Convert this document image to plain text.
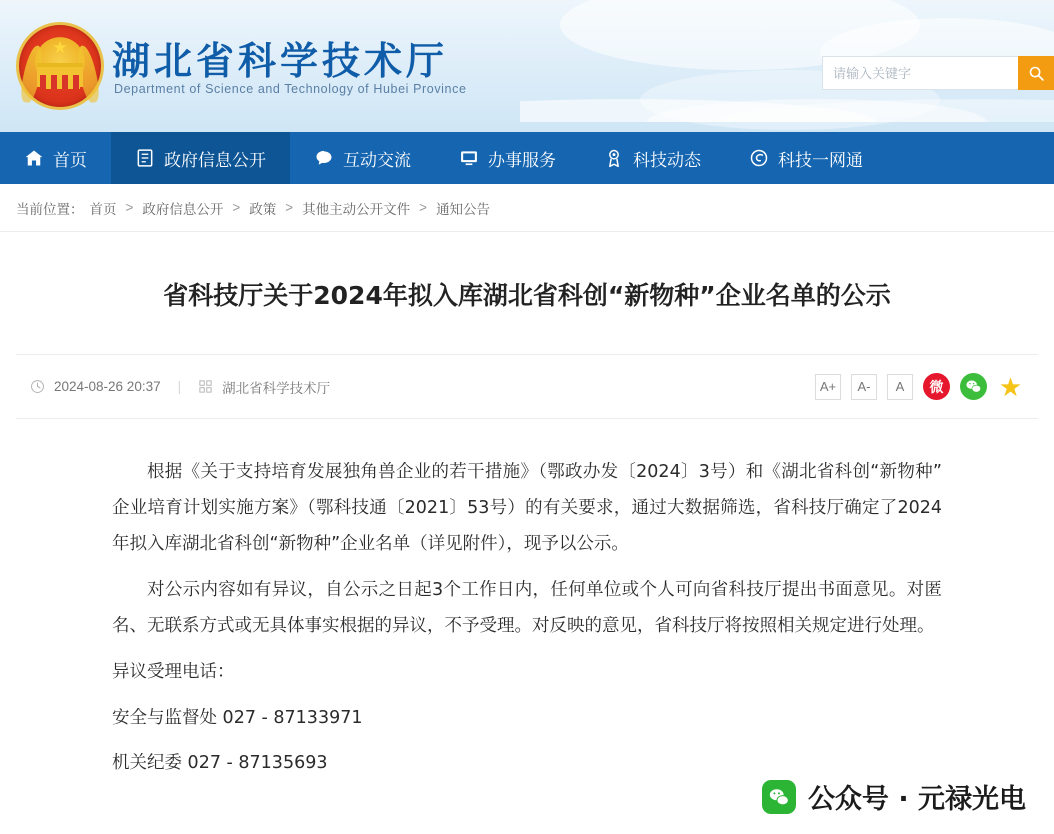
★ 湖北省科学技术厅
Department of Science and Technology of Hubei Province
请输入关键字
首页	政府信息公开	互动交流	办事服务	科技动态	科技一网通
当前位置： 首页 > 政府信息公开 > 政策 > 其他主动公开文件 > 通知公告
省科技厅关于2024年拟入库湖北省科创“新物种”企业名单的公示
2024-08-26 20:37 |	湖北省科学技术厅	A+ A- A 微 ★

根据《关于支持培育发展独角兽企业的若干措施》（鄂政办发〔2024〕3号）和《湖北省科创“新物种”企业培育计划实施方案》（鄂科技通〔2021〕53号）的有关要求，通过大数据筛选，省科技厅确定了2024年拟入库湖北省科创“新物种”企业名单（详见附件），现予以公示。

对公示内容如有异议，自公示之日起3个工作日内，任何单位或个人可向省科技厅提出书面意见。对匿名、无联系方式或无具体事实根据的异议，不予受理。对反映的意见，省科技厅将按照相关规定进行处理。

异议受理电话：

安全与监督处 027 - 87133971

机关纪委 027 - 87135693

公众号 · 元禄光电
